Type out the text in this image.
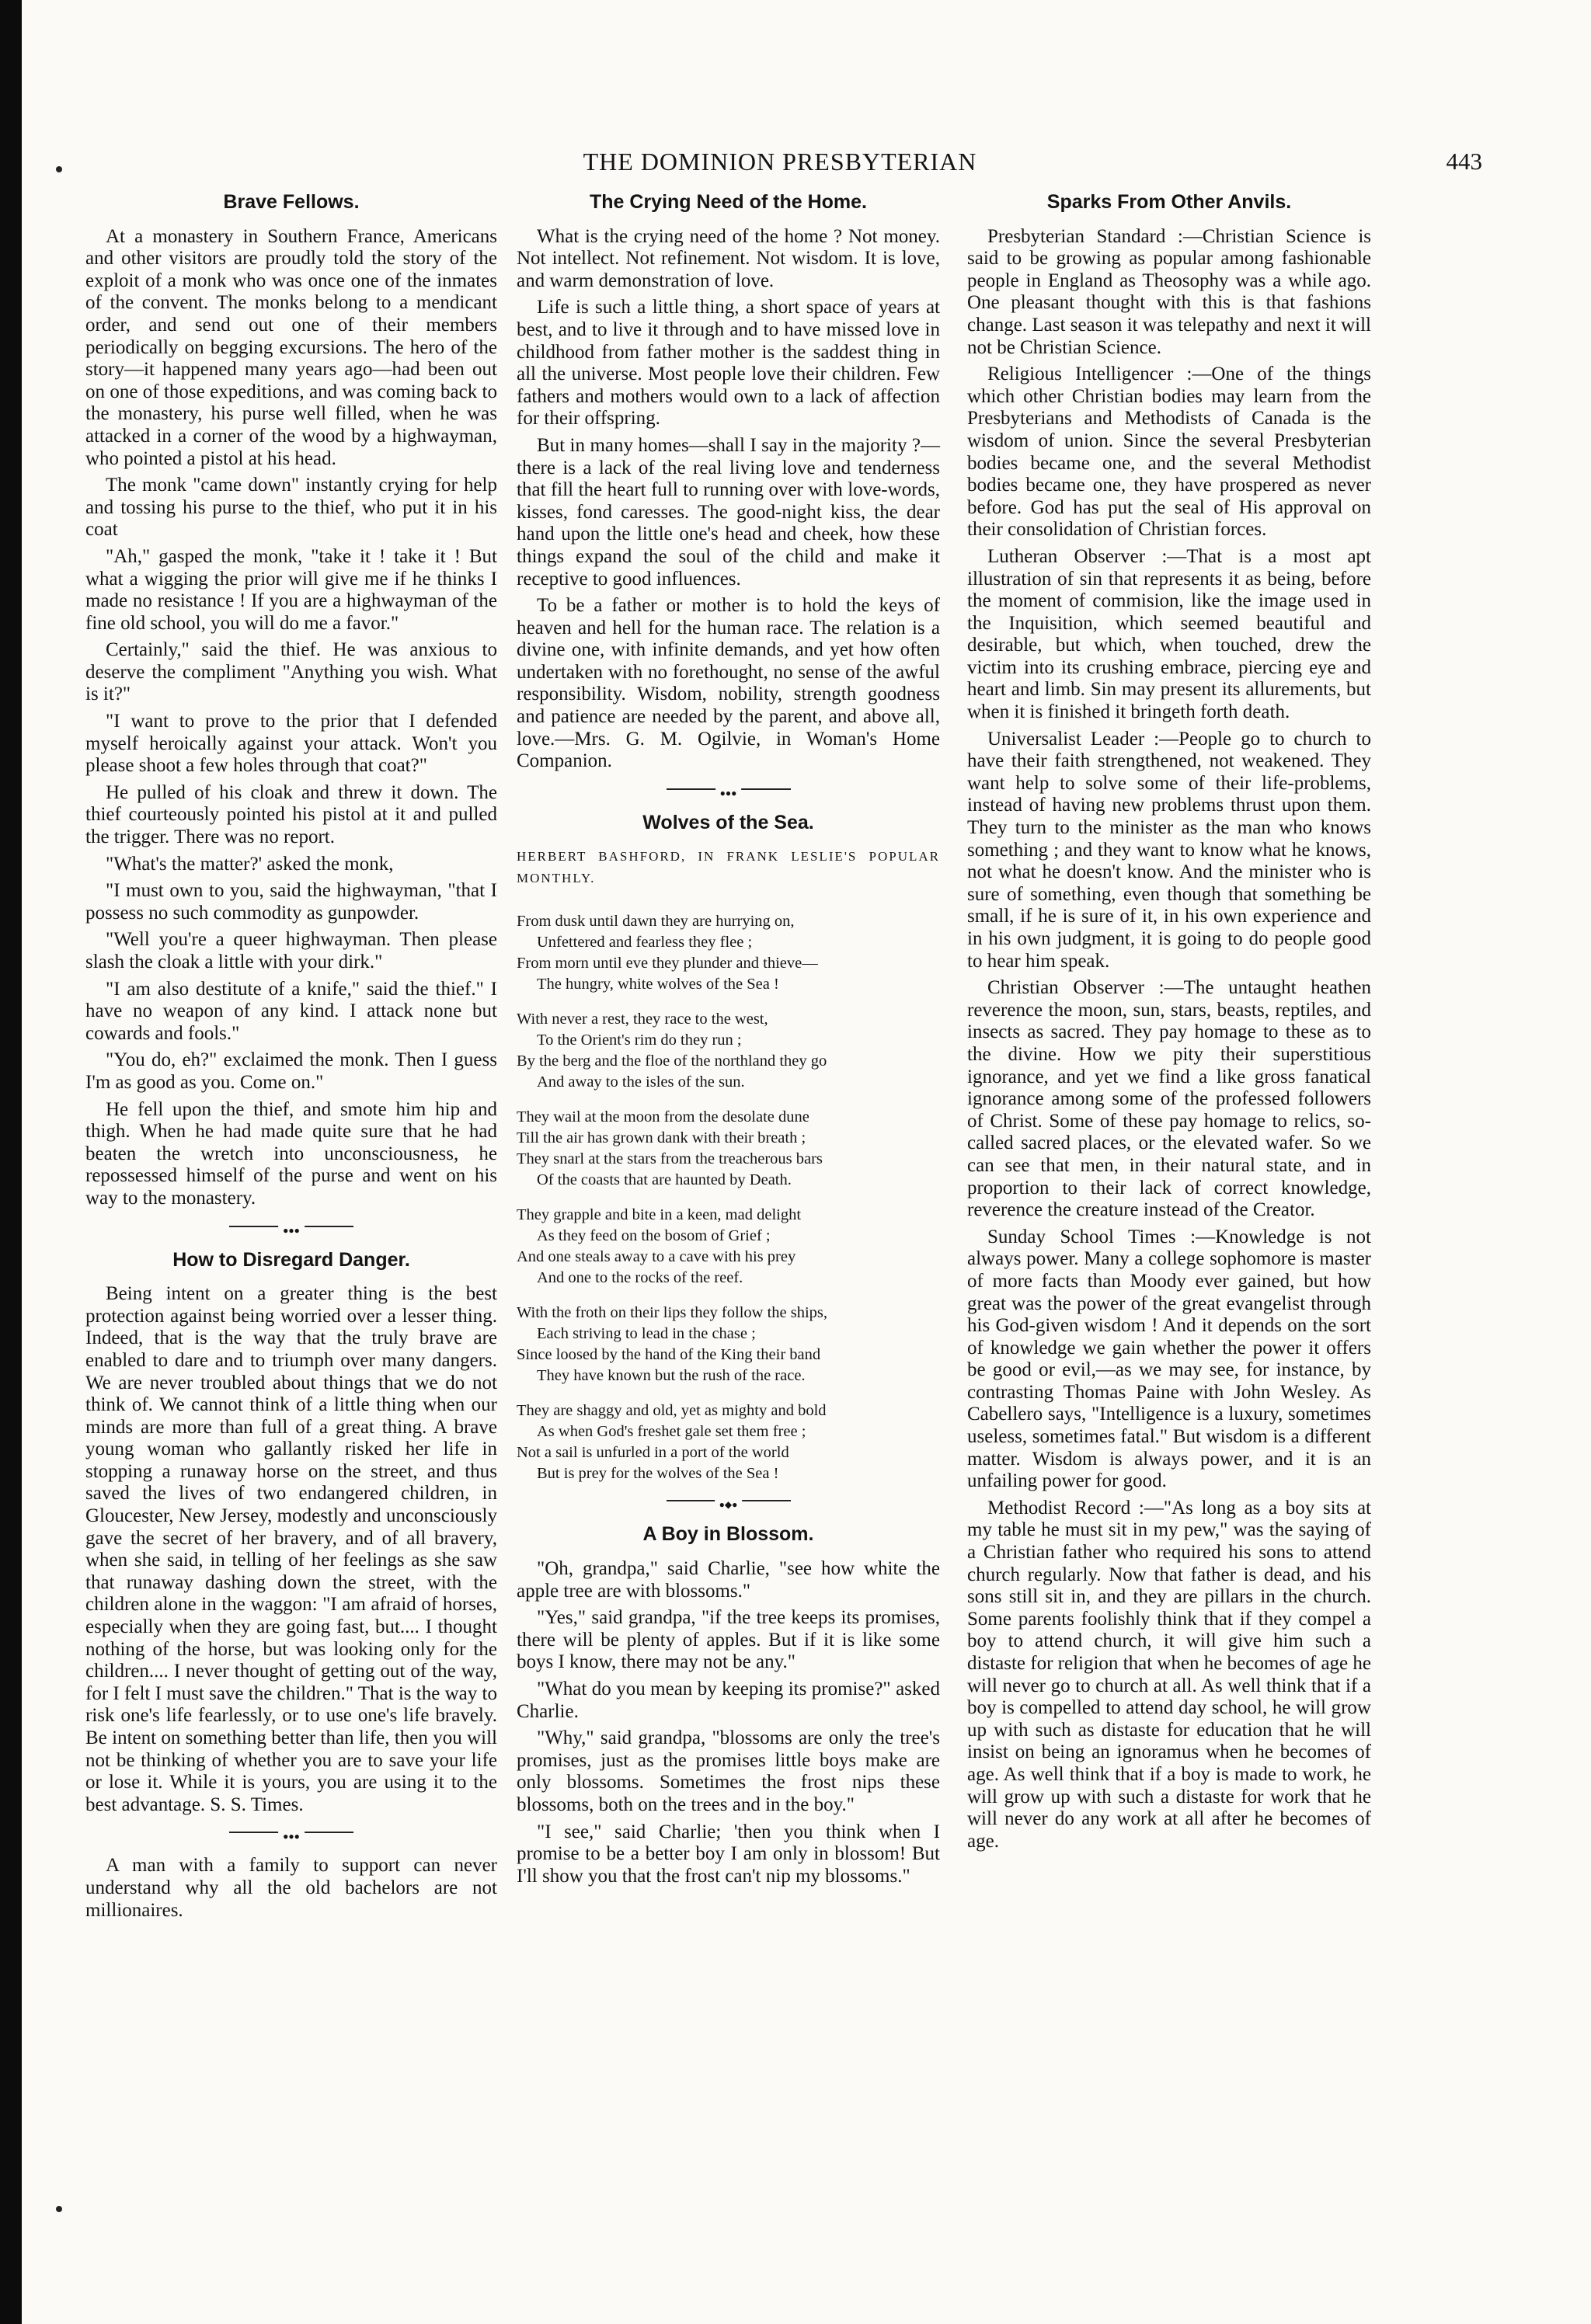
THE DOMINION PRESBYTERIAN	443
Brave Fellows.

At a monastery in Southern France, Americans and other visitors are proudly told the story of the exploit of a monk who was once one of the inmates of the convent. The monks belong to a mendicant order, and send out one of their members periodically on begging excursions. The hero of the story—it happened many years ago—had been out on one of those expeditions, and was coming back to the monastery, his purse well filled, when he was attacked in a corner of the wood by a highwayman, who pointed a pistol at his head.

The monk "came down" instantly crying for help and tossing his purse to the thief, who put it in his coat

"Ah," gasped the monk, "take it ! take it ! But what a wigging the prior will give me if he thinks I made no resistance ! If you are a highwayman of the fine old school, you will do me a favor."

Certainly," said the thief. He was anxious to deserve the compliment "Anything you wish. What is it?"

"I want to prove to the prior that I defended myself heroically against your attack. Won't you please shoot a few holes through that coat?"

He pulled of his cloak and threw it down. The thief courteously pointed his pistol at it and pulled the trigger. There was no report.

"What's the matter?' asked the monk,

"I must own to you, said the highwayman, "that I possess no such commodity as gunpowder.

"Well you're a queer highwayman. Then please slash the cloak a little with your dirk."

"I am also destitute of a knife," said the thief." I have no weapon of any kind. I attack none but cowards and fools."

"You do, eh?" exclaimed the monk. Then I guess I'm as good as you. Come on."

He fell upon the thief, and smote him hip and thigh. When he had made quite sure that he had beaten the wretch into unconsciousness, he repossessed himself of the purse and went on his way to the monastery.

●●●
How to Disregard Danger.

Being intent on a greater thing is the best protection against being worried over a lesser thing. Indeed, that is the way that the truly brave are enabled to dare and to triumph over many dangers. We are never troubled about things that we do not think of. We cannot think of a little thing when our minds are more than full of a great thing. A brave young woman who gallantly risked her life in stopping a runaway horse on the street, and thus saved the lives of two endangered children, in Gloucester, New Jersey, modestly and unconsciously gave the secret of her bravery, and of all bravery, when she said, in telling of her feelings as she saw that runaway dashing down the street, with the children alone in the waggon: "I am afraid of horses, especially when they are going fast, but.... I thought nothing of the horse, but was looking only for the children.... I never thought of getting out of the way, for I felt I must save the children." That is the way to risk one's life fearlessly, or to use one's life bravely. Be intent on something better than life, then you will not be thinking of whether you are to save your life or lose it. While it is yours, you are using it to the best advantage. S. S. Times.

●●●

A man with a family to support can never understand why all the old bachelors are not millionaires.

The Crying Need of the Home.

What is the crying need of the home ? Not money. Not intellect. Not refinement. Not wisdom. It is love, and warm demonstration of love.

Life is such a little thing, a short space of years at best, and to live it through and to have missed love in childhood from father mother is the saddest thing in all the universe. Most people love their children. Few fathers and mothers would own to a lack of affection for their offspring.

But in many homes—shall I say in the majority ?—there is a lack of the real living love and tenderness that fill the heart full to running over with love-words, kisses, fond caresses. The good-night kiss, the dear hand upon the little one's head and cheek, how these things expand the soul of the child and make it receptive to good influences.

To be a father or mother is to hold the keys of heaven and hell for the human race. The relation is a divine one, with infinite demands, and yet how often undertaken with no forethought, no sense of the awful responsibility. Wisdom, nobility, strength goodness and patience are needed by the parent, and above all, love.—Mrs. G. M. Ogilvie, in Woman's Home Companion.

●●●
Wolves of the Sea.
HERBERT BASHFORD, IN FRANK LESLIE'S POPULAR MONTHLY.
From dusk until dawn they are hurrying on,
Unfettered and fearless they flee ;
From morn until eve they plunder and thieve—
The hungry, white wolves of the Sea !
With never a rest, they race to the west,
To the Orient's rim do they run ;
By the berg and the floe of the northland they go
And away to the isles of the sun.
They wail at the moon from the desolate dune
Till the air has grown dank with their breath ;
They snarl at the stars from the treacherous bars
Of the coasts that are haunted by Death.
They grapple and bite in a keen, mad delight
As they feed on the bosom of Grief ;
And one steals away to a cave with his prey
And one to the rocks of the reef.
With the froth on their lips they follow the ships,
Each striving to lead in the chase ;
Since loosed by the hand of the King their band
They have known but the rush of the race.
They are shaggy and old, yet as mighty and bold
As when God's freshet gale set them free ;
Not a sail is unfurled in a port of the world
But is prey for the wolves of the Sea !
●◆●
A Boy in Blossom.

"Oh, grandpa," said Charlie, "see how white the apple tree are with blossoms."

"Yes," said grandpa, "if the tree keeps its promises, there will be plenty of apples. But if it is like some boys I know, there may not be any."

"What do you mean by keeping its promise?" asked Charlie.

"Why," said grandpa, "blossoms are only the tree's promises, just as the promises little boys make are only blossoms. Sometimes the frost nips these blossoms, both on the trees and in the boy."

"I see," said Charlie; 'then you think when I promise to be a better boy I am only in blossom! But I'll show you that the frost can't nip my blossoms."

Sparks From Other Anvils.

Presbyterian Standard :—Christian Science is said to be growing as popular among fashionable people in England as Theosophy was a while ago. One pleasant thought with this is that fashions change. Last season it was telepathy and next it will not be Christian Science.

Religious Intelligencer :—One of the things which other Christian bodies may learn from the Presbyterians and Methodists of Canada is the wisdom of union. Since the several Presbyterian bodies became one, and the several Methodist bodies became one, they have prospered as never before. God has put the seal of His approval on their consolidation of Christian forces.

Lutheran Observer :—That is a most apt illustration of sin that represents it as being, before the moment of commision, like the image used in the Inquisition, which seemed beautiful and desirable, but which, when touched, drew the victim into its crushing embrace, piercing eye and heart and limb. Sin may present its allurements, but when it is finished it bringeth forth death.

Universalist Leader :—People go to church to have their faith strengthened, not weakened. They want help to solve some of their life-problems, instead of having new problems thrust upon them. They turn to the minister as the man who knows something ; and they want to know what he knows, not what he doesn't know. And the minister who is sure of something, even though that something be small, if he is sure of it, in his own experience and in his own judgment, it is going to do people good to hear him speak.

Christian Observer :—The untaught heathen reverence the moon, sun, stars, beasts, reptiles, and insects as sacred. They pay homage to these as to the divine. How we pity their superstitious ignorance, and yet we find a like gross fanatical ignorance among some of the professed followers of Christ. Some of these pay homage to relics, so-called sacred places, or the elevated wafer. So we can see that men, in their natural state, and in proportion to their lack of correct knowledge, reverence the creature instead of the Creator.

Sunday School Times :—Knowledge is not always power. Many a college sophomore is master of more facts than Moody ever gained, but how great was the power of the great evangelist through his God-given wisdom ! And it depends on the sort of knowledge we gain whether the power it offers be good or evil,—as we may see, for instance, by contrasting Thomas Paine with John Wesley. As Cabellero says, "Intelligence is a luxury, sometimes useless, sometimes fatal." But wisdom is a different matter. Wisdom is always power, and it is an unfailing power for good.

Methodist Record :—"As long as a boy sits at my table he must sit in my pew," was the saying of a Christian father who required his sons to attend church regularly. Now that father is dead, and his sons still sit in, and they are pillars in the church. Some parents foolishly think that if they compel a boy to attend church, it will give him such a distaste for religion that when he becomes of age he will never go to church at all. As well think that if a boy is compelled to attend day school, he will grow up with such as distaste for education that he will insist on being an ignoramus when he becomes of age. As well think that if a boy is made to work, he will grow up with such a distaste for work that he will never do any work at all after he becomes of age.
